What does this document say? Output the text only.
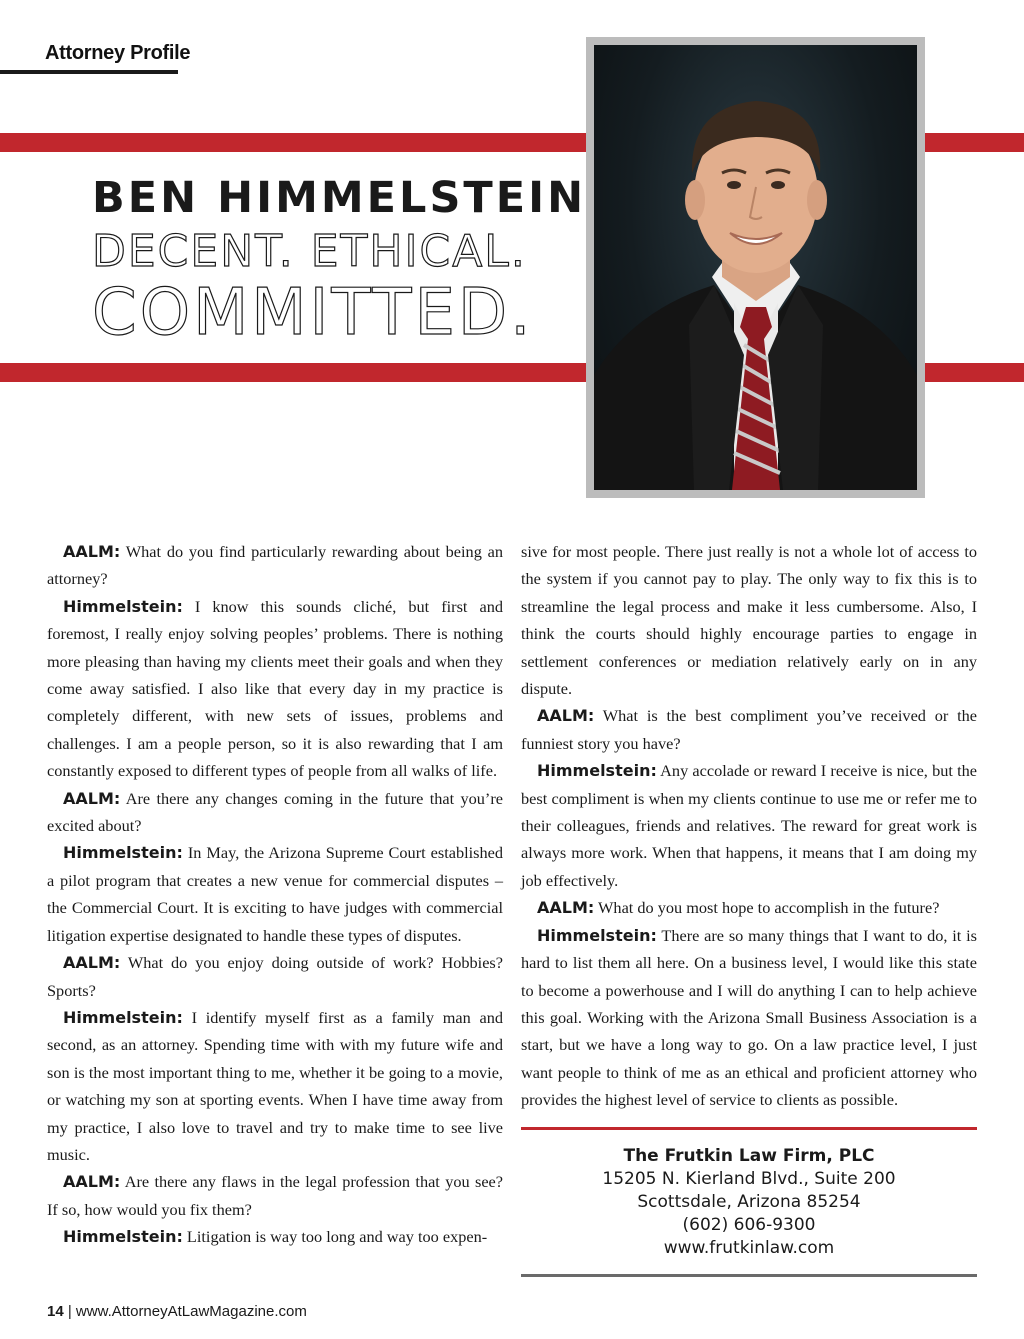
Attorney Profile
BEN HIMMELSTEIN
DECENT. ETHICAL.
COMMITTED.

AALM: What do you find particularly rewarding about being an attorney?

Himmelstein: I know this sounds cliché, but first and foremost, I really enjoy solving peoples’ problems. There is nothing more pleasing than having my clients meet their goals and when they come away satisfied. I also like that every day in my practice is completely different, with new sets of issues, problems and challenges. I am a people person, so it is also rewarding that I am constantly exposed to different types of people from all walks of life.

AALM: Are there any changes coming in the future that you’re excited about?

Himmelstein: In May, the Arizona Supreme Court established a pilot program that creates a new venue for commercial disputes – the Commercial Court. It is exciting to have judges with commercial litigation expertise designated to handle these types of disputes.

AALM: What do you enjoy doing outside of work? Hobbies? Sports?

Himmelstein: I identify myself first as a family man and second, as an attorney. Spending time with with my future wife and son is the most important thing to me, whether it be going to a movie, or watching my son at sporting events. When I have time away from my practice, I also love to travel and try to make time to see live music.

AALM: Are there any flaws in the legal profession that you see? If so, how would you fix them?

Himmelstein: Litigation is way too long and way too expen-

sive for most people. There just really is not a whole lot of access to the system if you cannot pay to play. The only way to fix this is to streamline the legal process and make it less cumbersome. Also, I think the courts should highly encourage parties to engage in settlement conferences or mediation relatively early on in any dispute.

AALM: What is the best compliment you’ve received or the funniest story you have?

Himmelstein: Any accolade or reward I receive is nice, but the best compliment is when my clients continue to use me or refer me to their colleagues, friends and relatives. The reward for great work is always more work. When that happens, it means that I am doing my job effectively.

AALM: What do you most hope to accomplish in the future?

Himmelstein: There are so many things that I want to do, it is hard to list them all here. On a business level, I would like this state to become a powerhouse and I will do anything I can to help achieve this goal. Working with the Arizona Small Business Association is a start, but we have a long way to go. On a law practice level, I just want people to think of me as an ethical and proficient attorney who provides the highest level of service to clients as possible.

The Frutkin Law Firm, PLC
15205 N. Kierland Blvd., Suite 200
Scottsdale, Arizona 85254
(602) 606-9300
www.frutkinlaw.com
14 | www.AttorneyAtLawMagazine.com
